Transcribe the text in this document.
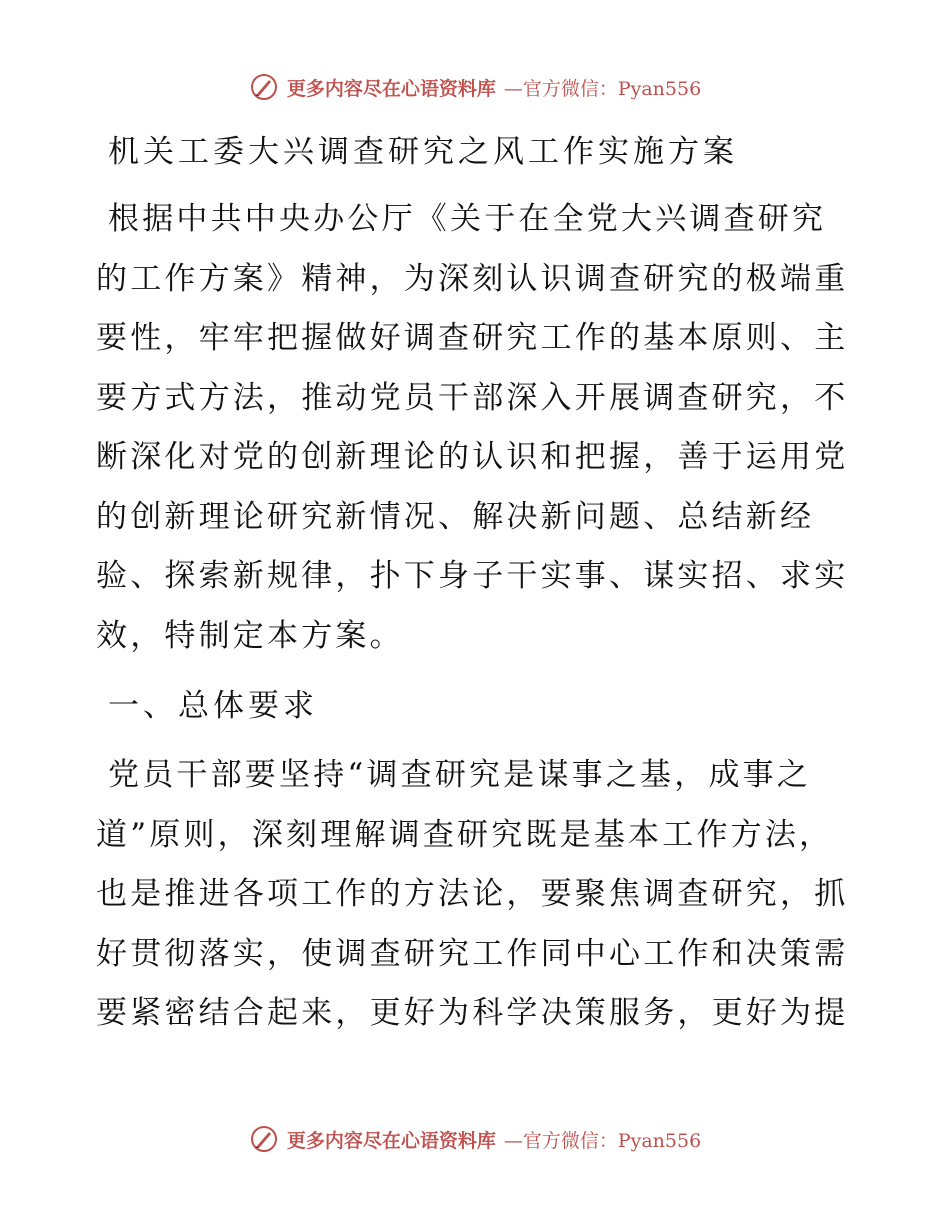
更多内容尽在心语资料库 —官方微信：Pyan556
机关工委大兴调查研究之风工作实施方案
根据中共中央办公厅《关于在全党大兴调查研究
的工作方案》精神，为深刻认识调查研究的极端重
要性，牢牢把握做好调查研究工作的基本原则、主
要方式方法，推动党员干部深入开展调查研究，不
断深化对党的创新理论的认识和把握，善于运用党
的创新理论研究新情况、解决新问题、总结新经
验、探索新规律，扑下身子干实事、谋实招、求实
效，特制定本方案。
一、总体要求
党员干部要坚持“调查研究是谋事之基，成事之
道”原则，深刻理解调查研究既是基本工作方法，
也是推进各项工作的方法论，要聚焦调查研究，抓
好贯彻落实，使调查研究工作同中心工作和决策需
要紧密结合起来，更好为科学决策服务，更好为提
更多内容尽在心语资料库 —官方微信：Pyan556
